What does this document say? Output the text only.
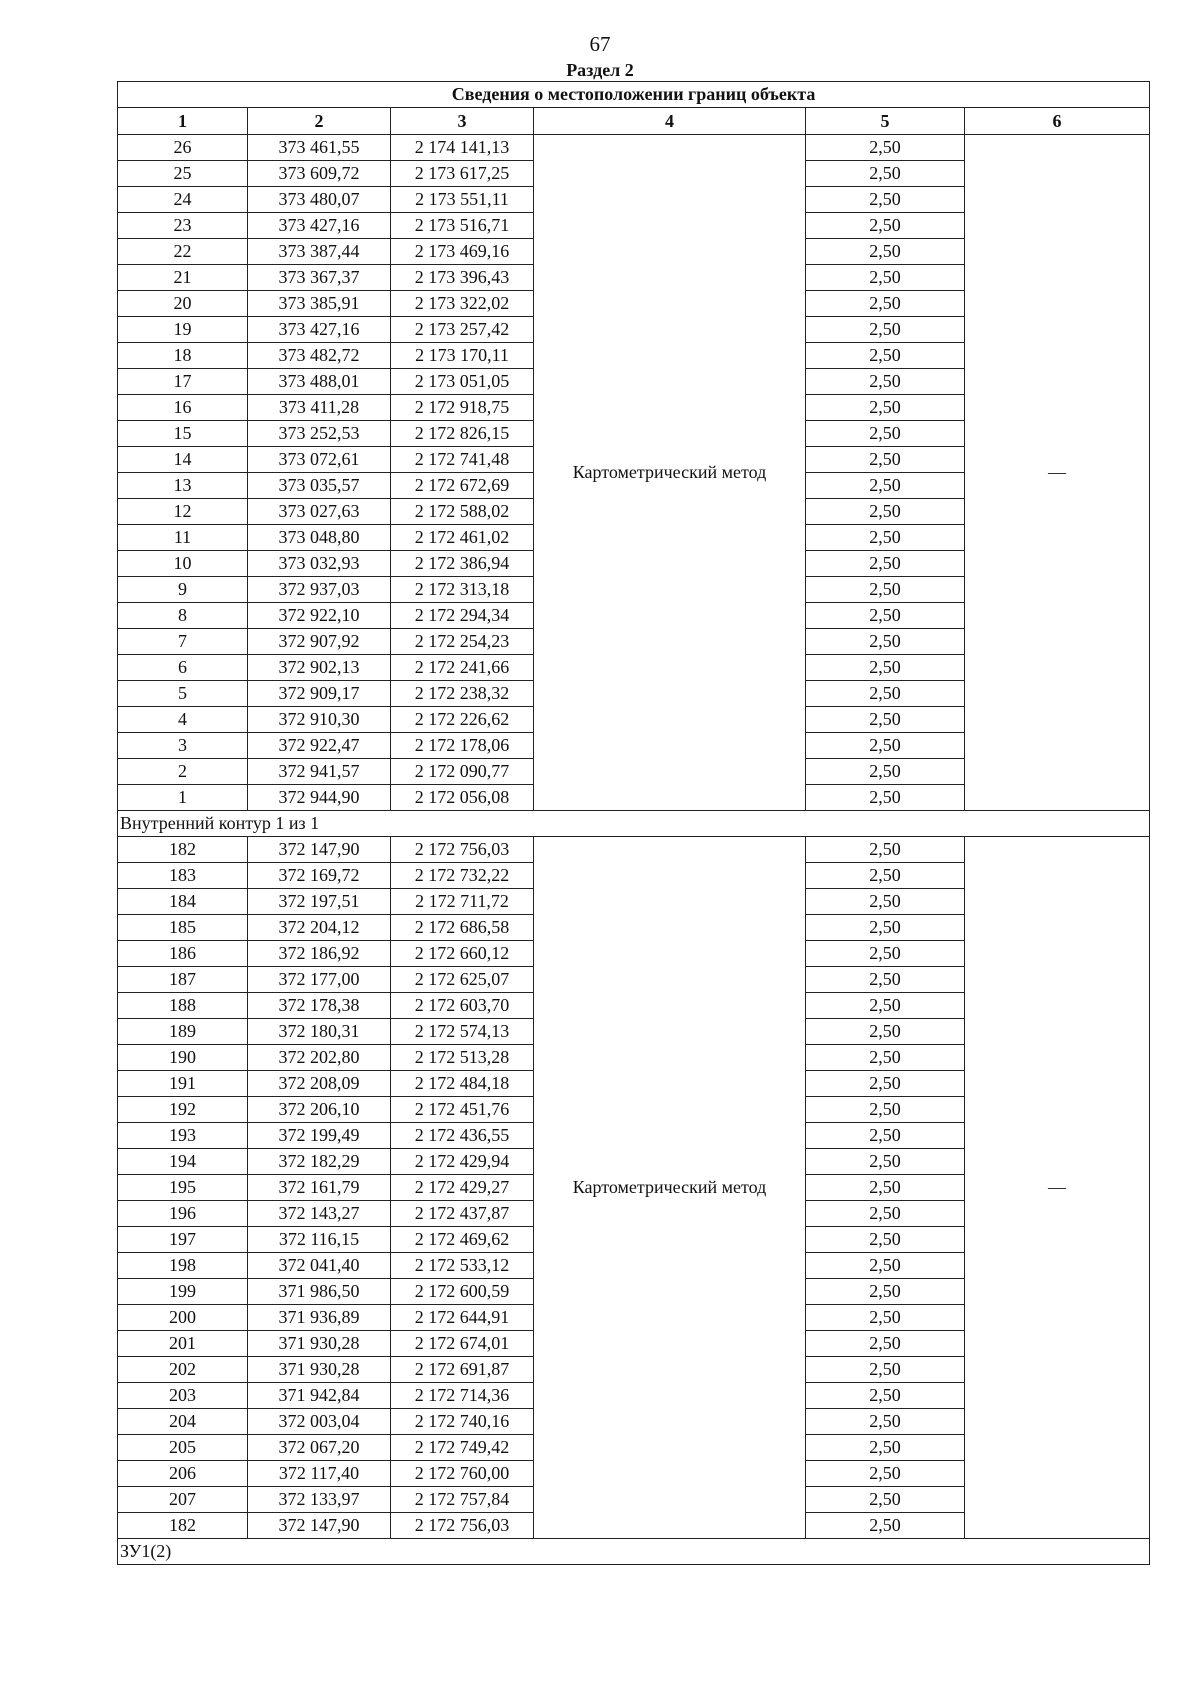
67
Раздел 2
Сведения о местоположении границ объекта					
1	2	3	4	5	6
26	373 461,55	2 174 141,13	Картометрический метод	2,50	—
25	373 609,72	2 173 617,25		2,50	
24	373 480,07	2 173 551,11		2,50	
23	373 427,16	2 173 516,71		2,50	
22	373 387,44	2 173 469,16		2,50	
21	373 367,37	2 173 396,43		2,50	
20	373 385,91	2 173 322,02		2,50	
19	373 427,16	2 173 257,42		2,50	
18	373 482,72	2 173 170,11		2,50	
17	373 488,01	2 173 051,05		2,50	
16	373 411,28	2 172 918,75		2,50	
15	373 252,53	2 172 826,15		2,50	
14	373 072,61	2 172 741,48		2,50	
13	373 035,57	2 172 672,69		2,50	
12	373 027,63	2 172 588,02		2,50	
11	373 048,80	2 172 461,02		2,50	
10	373 032,93	2 172 386,94		2,50	
9	372 937,03	2 172 313,18		2,50	
8	372 922,10	2 172 294,34		2,50	
7	372 907,92	2 172 254,23		2,50	
6	372 902,13	2 172 241,66		2,50	
5	372 909,17	2 172 238,32		2,50	
4	372 910,30	2 172 226,62		2,50	
3	372 922,47	2 172 178,06		2,50	
2	372 941,57	2 172 090,77		2,50	
1	372 944,90	2 172 056,08		2,50	
Внутренний контур 1 из 1					
182	372 147,90	2 172 756,03	Картометрический метод	2,50	—
183	372 169,72	2 172 732,22		2,50	
184	372 197,51	2 172 711,72		2,50	
185	372 204,12	2 172 686,58		2,50	
186	372 186,92	2 172 660,12		2,50	
187	372 177,00	2 172 625,07		2,50	
188	372 178,38	2 172 603,70		2,50	
189	372 180,31	2 172 574,13		2,50	
190	372 202,80	2 172 513,28		2,50	
191	372 208,09	2 172 484,18		2,50	
192	372 206,10	2 172 451,76		2,50	
193	372 199,49	2 172 436,55		2,50	
194	372 182,29	2 172 429,94		2,50	
195	372 161,79	2 172 429,27		2,50	
196	372 143,27	2 172 437,87		2,50	
197	372 116,15	2 172 469,62		2,50	
198	372 041,40	2 172 533,12		2,50	
199	371 986,50	2 172 600,59		2,50	
200	371 936,89	2 172 644,91		2,50	
201	371 930,28	2 172 674,01		2,50	
202	371 930,28	2 172 691,87		2,50	
203	371 942,84	2 172 714,36		2,50	
204	372 003,04	2 172 740,16		2,50	
205	372 067,20	2 172 749,42		2,50	
206	372 117,40	2 172 760,00		2,50	
207	372 133,97	2 172 757,84		2,50	
182	372 147,90	2 172 756,03		2,50	
ЗУ1(2)					
